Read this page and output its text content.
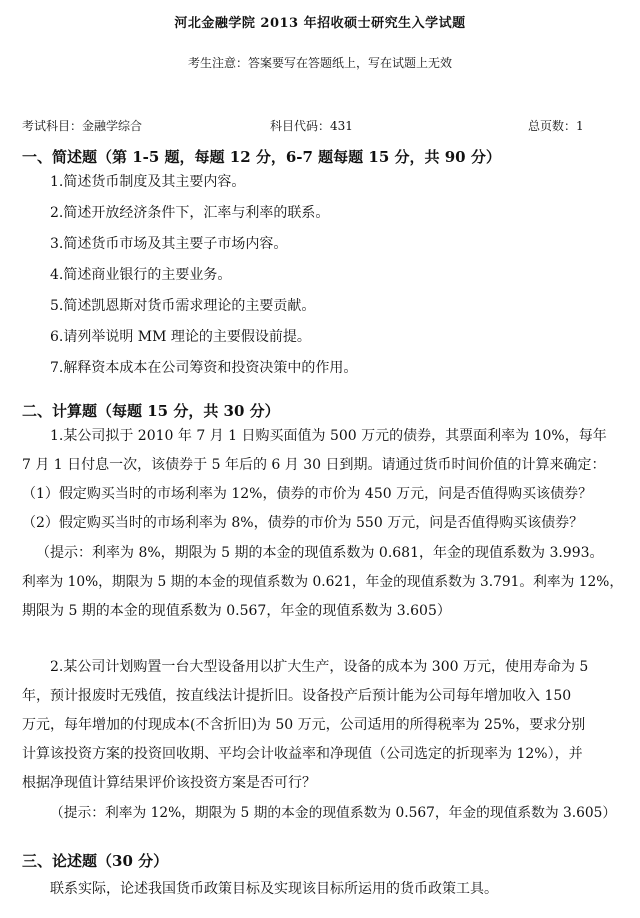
河北金融学院 2013 年招收硕士研究生入学试题
考生注意：答案要写在答题纸上，写在试题上无效
考试科目：金融学综合	科目代码：431	总页数：1
一、简述题（第 1-5 题，每题 12 分，6-7 题每题 15 分，共 90 分）
1.简述货币制度及其主要内容。
2.简述开放经济条件下，汇率与利率的联系。
3.简述货币市场及其主要子市场内容。
4.简述商业银行的主要业务。
5.简述凯恩斯对货币需求理论的主要贡献。
6.请列举说明 MM 理论的主要假设前提。
7.解释资本成本在公司筹资和投资决策中的作用。
二、计算题（每题 15 分，共 30 分）
1.某公司拟于 2010 年 7 月 1 日购买面值为 500 万元的债券，其票面利率为 10%，每年
7 月 1 日付息一次，该债券于 5 年后的 6 月 30 日到期。请通过货币时间价值的计算来确定：
（1）假定购买当时的市场利率为 12%，债券的市价为 450 万元，问是否值得购买该债券？
（2）假定购买当时的市场利率为 8%，债券的市价为 550 万元，问是否值得购买该债券？
（提示：利率为 8%，期限为 5 期的本金的现值系数为 0.681，年金的现值系数为 3.993。
利率为 10%，期限为 5 期的本金的现值系数为 0.621，年金的现值系数为 3.791。利率为 12%，
期限为 5 期的本金的现值系数为 0.567，年金的现值系数为 3.605）
2.某公司计划购置一台大型设备用以扩大生产，设备的成本为 300 万元，使用寿命为 5
年，预计报废时无残值，按直线法计提折旧。设备投产后预计能为公司每年增加收入 150
万元，每年增加的付现成本(不含折旧)为 50 万元，公司适用的所得税率为 25%，要求分别
计算该投资方案的投资回收期、平均会计收益率和净现值（公司选定的折现率为 12%），并
根据净现值计算结果评价该投资方案是否可行？
（提示：利率为 12%，期限为 5 期的本金的现值系数为 0.567，年金的现值系数为 3.605）
三、论述题（30 分）
联系实际，论述我国货币政策目标及实现该目标所运用的货币政策工具。
